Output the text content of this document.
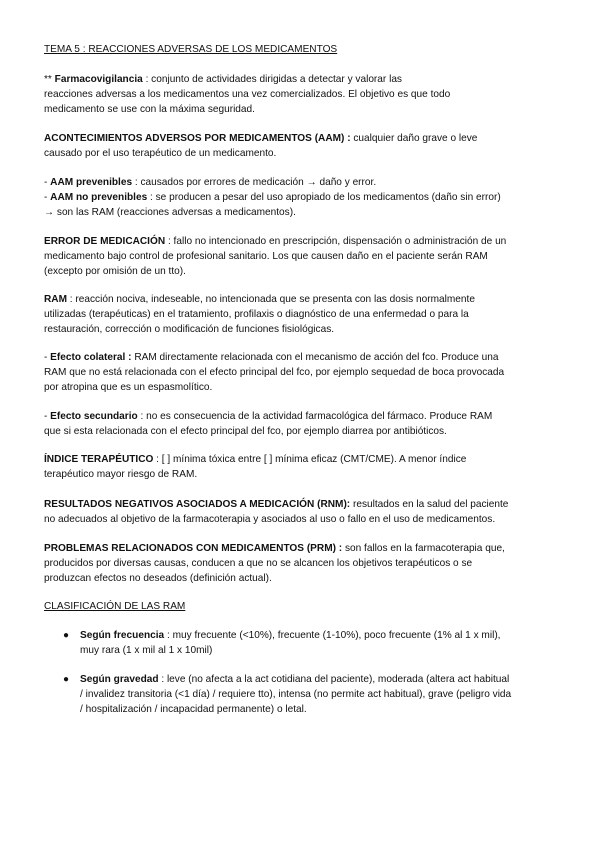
TEMA 5 : REACCIONES ADVERSAS DE LOS MEDICAMENTOS

** Farmacovigilancia : conjunto de actividades dirigidas a detectar y valorar las

reacciones adversas a los medicamentos una vez comercializados. El objetivo es que todo

medicamento se use con la máxima seguridad.

ACONTECIMIENTOS ADVERSOS POR MEDICAMENTOS (AAM) : cualquier daño grave o leve

causado por el uso terapéutico de un medicamento.

- AAM prevenibles : causados por errores de medicación → daño y error.

- AAM no prevenibles : se producen a pesar del uso apropiado de los medicamentos (daño sin error)

→ son las RAM (reacciones adversas a medicamentos).

ERROR DE MEDICACIÓN : fallo no intencionado en prescripción, dispensación o administración de un

medicamento bajo control de profesional sanitario. Los que causen daño en el paciente serán RAM

(excepto por omisión de un tto).

RAM : reacción nociva, indeseable, no intencionada que se presenta con las dosis normalmente

utilizadas (terapéuticas) en el tratamiento, profilaxis o diagnóstico de una enfermedad o para la

restauración, corrección o modificación de funciones fisiológicas.

- Efecto colateral : RAM directamente relacionada con el mecanismo de acción del fco. Produce una

RAM que no está relacionada con el efecto principal del fco, por ejemplo sequedad de boca provocada

por atropina que es un espasmolítico.

- Efecto secundario : no es consecuencia de la actividad farmacológica del fármaco. Produce RAM

que si esta relacionada con el efecto principal del fco, por ejemplo diarrea por antibióticos.

ÍNDICE TERAPÉUTICO : [ ] mínima tóxica entre [ ] mínima eficaz (CMT/CME). A menor índice

terapéutico mayor riesgo de RAM.

RESULTADOS NEGATIVOS ASOCIADOS A MEDICACIÓN (RNM): resultados en la salud del paciente

no adecuados al objetivo de la farmacoterapia y asociados al uso o fallo en el uso de medicamentos.

PROBLEMAS RELACIONADOS CON MEDICAMENTOS (PRM) : son fallos en la farmacoterapia que,

producidos por diversas causas, conducen a que no se alcancen los objetivos terapéuticos o se

produzcan efectos no deseados (definición actual).

CLASIFICACIÓN DE LAS RAM

● Según frecuencia : muy frecuente (<10%), frecuente (1-10%), poco frecuente (1% al 1 x mil),

muy rara (1 x mil al 1 x 10mil)

● Según gravedad : leve (no afecta a la act cotidiana del paciente), moderada (altera act habitual

/ invalidez transitoria (<1 día) / requiere tto), intensa (no permite act habitual), grave (peligro vida

/ hospitalización / incapacidad permanente) o letal.
